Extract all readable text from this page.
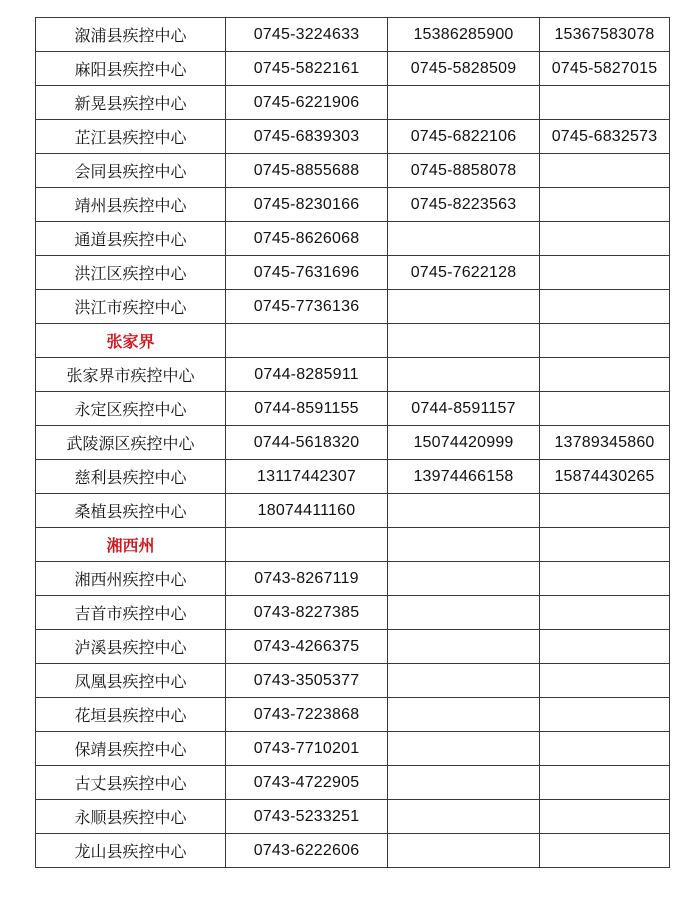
溆浦县疾控中心	0745-3224633	15386285900	15367583078
麻阳县疾控中心	0745-5822161	0745-5828509	0745-5827015
新晃县疾控中心	0745-6221906		
芷江县疾控中心	0745-6839303	0745-6822106	0745-6832573
会同县疾控中心	0745-8855688	0745-8858078	
靖州县疾控中心	0745-8230166	0745-8223563	
通道县疾控中心	0745-8626068		
洪江区疾控中心	0745-7631696	0745-7622128	
洪江市疾控中心	0745-7736136		
张家界			
张家界市疾控中心	0744-8285911		
永定区疾控中心	0744-8591155	0744-8591157	
武陵源区疾控中心	0744-5618320	15074420999	13789345860
慈利县疾控中心	13117442307	13974466158	15874430265
桑植县疾控中心	18074411160		
湘西州			
湘西州疾控中心	0743-8267119		
吉首市疾控中心	0743-8227385		
泸溪县疾控中心	0743-4266375		
凤凰县疾控中心	0743-3505377		
花垣县疾控中心	0743-7223868		
保靖县疾控中心	0743-7710201		
古丈县疾控中心	0743-4722905		
永顺县疾控中心	0743-5233251		
龙山县疾控中心	0743-6222606		
